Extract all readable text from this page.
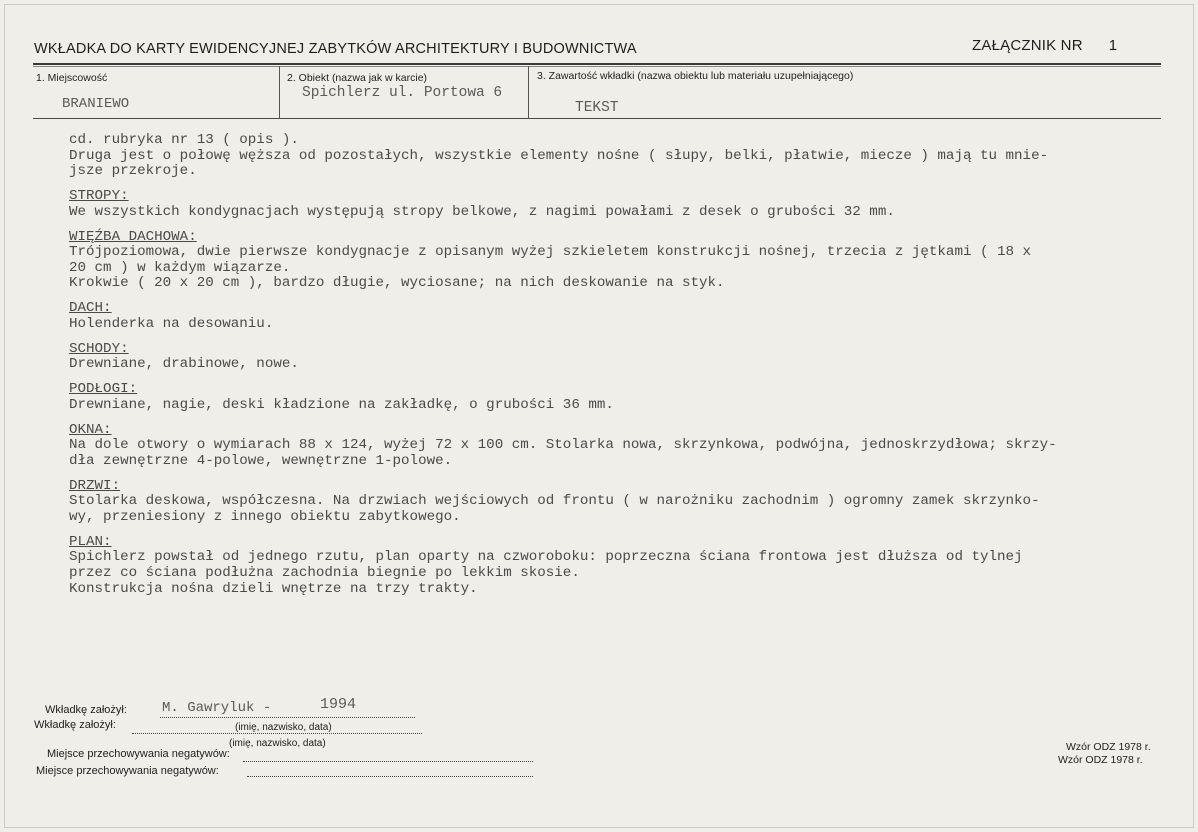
WKŁADKA DO KARTY EWIDENCYJNEJ ZABYTKÓW ARCHITEKTURY I BUDOWNICTWA	ZAŁĄCZNIK NR 1
1. Miejscowość
BRANIEWO
2. Obiekt (nazwa jak w karcie)
Spichlerz ul. Portowa 6
3. Zawartość wkładki (nazwa obiektu lub materiału uzupełniającego)
TEKST
cd. rubryka nr 13 ( opis ).
Druga jest o połowę węższa od pozostałych, wszystkie elementy nośne ( słupy, belki, płatwie, miecze ) mają tu mnie-
jsze przekroje.
STROPY:
We wszystkich kondygnacjach występują stropy belkowe, z nagimi powałami z desek o grubości 32 mm.
WIĘŹBA DACHOWA:
Trójpoziomowa, dwie pierwsze kondygnacje z opisanym wyżej szkieletem konstrukcji nośnej, trzecia z jętkami ( 18 x
20 cm ) w każdym wiązarze.
Krokwie ( 20 x 20 cm ), bardzo długie, wyciosane; na nich deskowanie na styk.
DACH:
Holenderka na desowaniu.
SCHODY:
Drewniane, drabinowe, nowe.
PODŁOGI:
Drewniane, nagie, deski kładzione na zakładkę, o grubości 36 mm.
OKNA:
Na dole otwory o wymiarach 88 x 124, wyżej 72 x 100 cm. Stolarka nowa, skrzynkowa, podwójna, jednoskrzydłowa; skrzy-
dła zewnętrzne 4-polowe, wewnętrzne 1-polowe.
DRZWI:
Stolarka deskowa, współczesna. Na drzwiach wejściowych od frontu ( w narożniku zachodnim ) ogromny zamek skrzynko-
wy, przeniesiony z innego obiektu zabytkowego.
PLAN:
Spichlerz powstał od jednego rzutu, plan oparty na czworoboku: poprzeczna ściana frontowa jest dłuższa od tylnej
przez co ściana podłużna zachodnia biegnie po lekkim skosie.
Konstrukcja nośna dzieli wnętrze na trzy trakty.
Wkładkę założył:	M. Gawryluk -	1994
Wkładkę założył:	(imię, nazwisko, data)
(imię, nazwisko, data)
Miejsce przechowywania negatywów:
Miejsce przechowywania negatywów:
Wzór ODZ 1978 r.
Wzór ODZ 1978 r.
